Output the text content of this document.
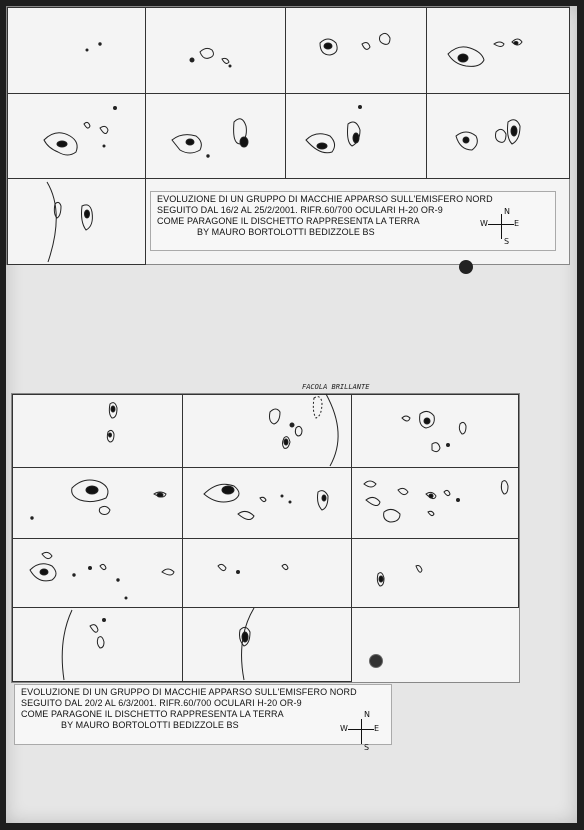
FACOLA BRILLANTE
EVOLUZIONE DI UN GRUPPO DI MACCHIE APPARSO SULL'EMISFERO NORD
SEGUITO DAL 16/2 AL 25/2/2001. RIFR.60/700 OCULARI H-20 OR-9
COME PARAGONE IL DISCHETTO RAPPRESENTA LA TERRA
BY MAURO BORTOLOTTI BEDIZZOLE BS
N
S
W	E
EVOLUZIONE DI UN GRUPPO DI MACCHIE APPARSO SULL'EMISFERO NORD
SEGUITO DAL 20/2 AL 6/3/2001. RIFR.60/700 OCULARI H-20 OR-9
COME PARAGONE IL DISCHETTO RAPPRESENTA LA TERRA
BY MAURO BORTOLOTTI BEDIZZOLE BS
N
S
W	E
